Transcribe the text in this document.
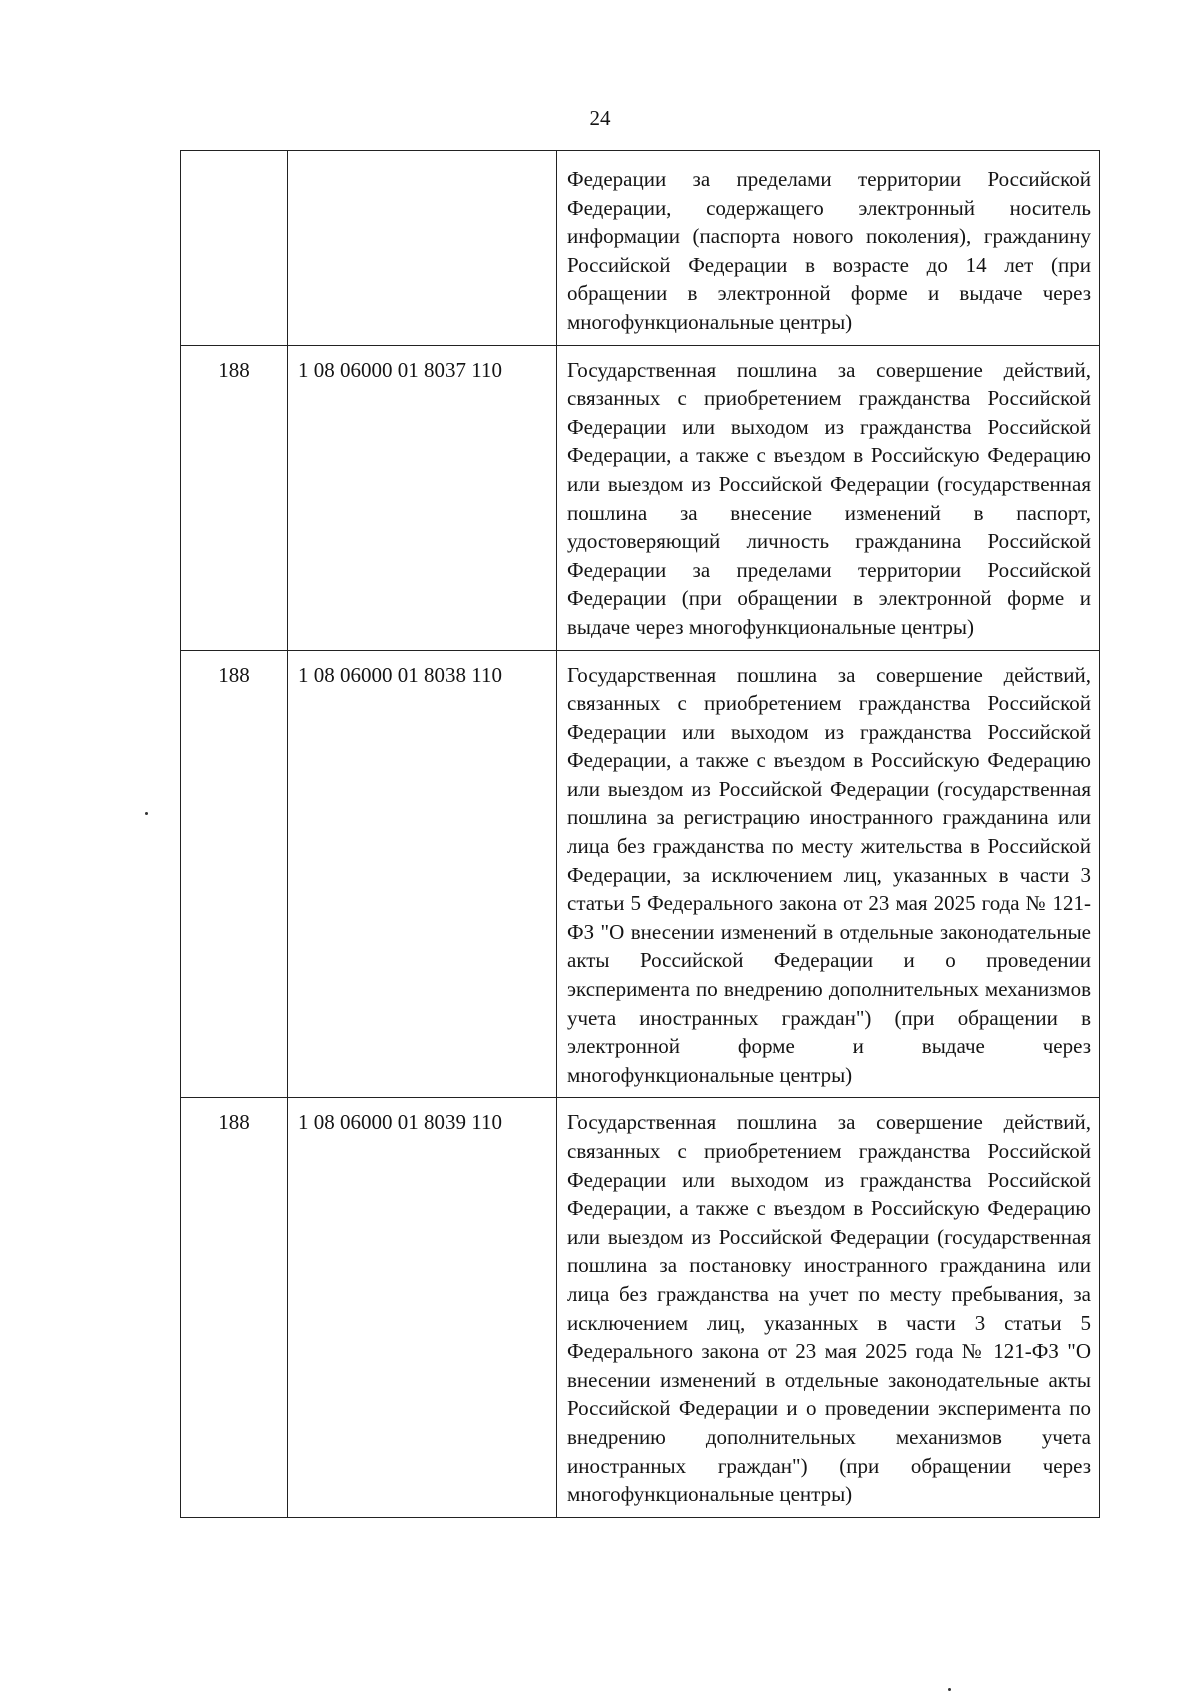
24
		Федерации за пределами территории Российской Федерации, содержащего электронный носитель информации (паспорта нового поколения), гражданину Российской Федерации в возрасте до 14 лет (при обращении в электронной форме и выдаче через многофункциональные центры)
188	1 08 06000 01 8037 110	Государственная пошлина за совершение действий, связанных с приобретением гражданства Российской Федерации или выходом из гражданства Российской Федерации, а также с въездом в Российскую Федерацию или выездом из Российской Федерации (государственная пошлина за внесение изменений в паспорт, удостоверяющий личность гражданина Российской Федерации за пределами территории Российской Федерации (при обращении в электронной форме и выдаче через многофункциональные центры)
188	1 08 06000 01 8038 110	Государственная пошлина за совершение действий, связанных с приобретением гражданства Российской Федерации или выходом из гражданства Российской Федерации, а также с въездом в Российскую Федерацию или выездом из Российской Федерации (государственная пошлина за регистрацию иностранного гражданина или лица без гражданства по месту жительства в Российской Федерации, за исключением лиц, указанных в части 3 статьи 5 Федерального закона от 23 мая 2025 года № 121-ФЗ "О внесении изменений в отдельные законодательные акты Российской Федерации и о проведении эксперимента по внедрению дополнительных механизмов учета иностранных граждан") (при обращении в электронной форме и выдаче через многофункциональные центры)
188	1 08 06000 01 8039 110	Государственная пошлина за совершение действий, связанных с приобретением гражданства Российской Федерации или выходом из гражданства Российской Федерации, а также с въездом в Российскую Федерацию или выездом из Российской Федерации (государственная пошлина за постановку иностранного гражданина или лица без гражданства на учет по месту пребывания, за исключением лиц, указанных в части 3 статьи 5 Федерального закона от 23 мая 2025 года № 121-ФЗ "О внесении изменений в отдельные законодательные акты Российской Федерации и о проведении эксперимента по внедрению дополнительных механизмов учета иностранных граждан") (при обращении через многофункциональные центры)
